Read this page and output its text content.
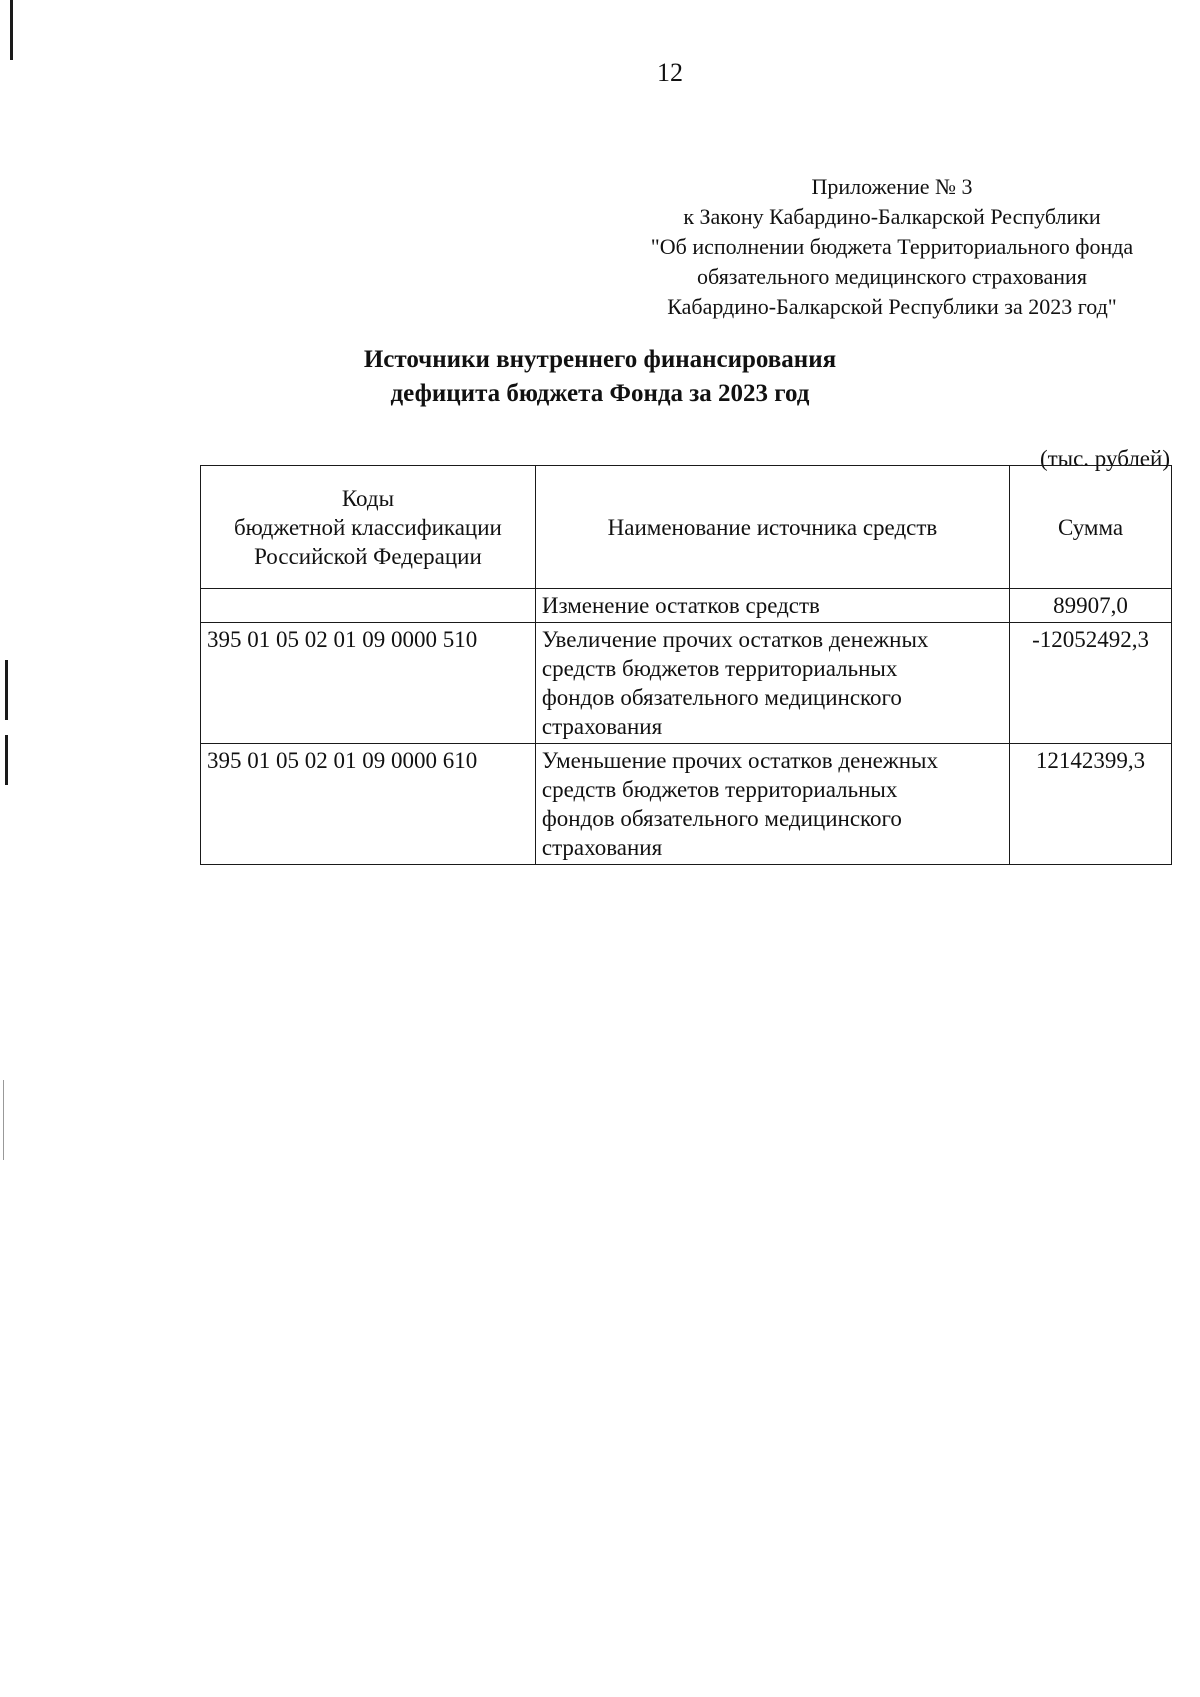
12
Приложение № 3
к Закону Кабардино-Балкарской Республики
"Об исполнении бюджета Территориального фонда
обязательного медицинского страхования
Кабардино-Балкарской Республики за 2023 год"
Источники внутреннего финансирования
дефицита бюджета Фонда за 2023 год
(тыс. рублей)
Коды
бюджетной классификации
Российской Федерации	Наименование источника средств	Сумма

	Изменение остатков средств	89907,0
395 01 05 02 01 09 0000 510	Увеличение прочих остатков денежных
средств бюджетов территориальных
фондов обязательного медицинского
страхования	-12052492,3
395 01 05 02 01 09 0000 610	Уменьшение прочих остатков денежных
средств бюджетов территориальных
фондов обязательного медицинского
страхования	12142399,3
